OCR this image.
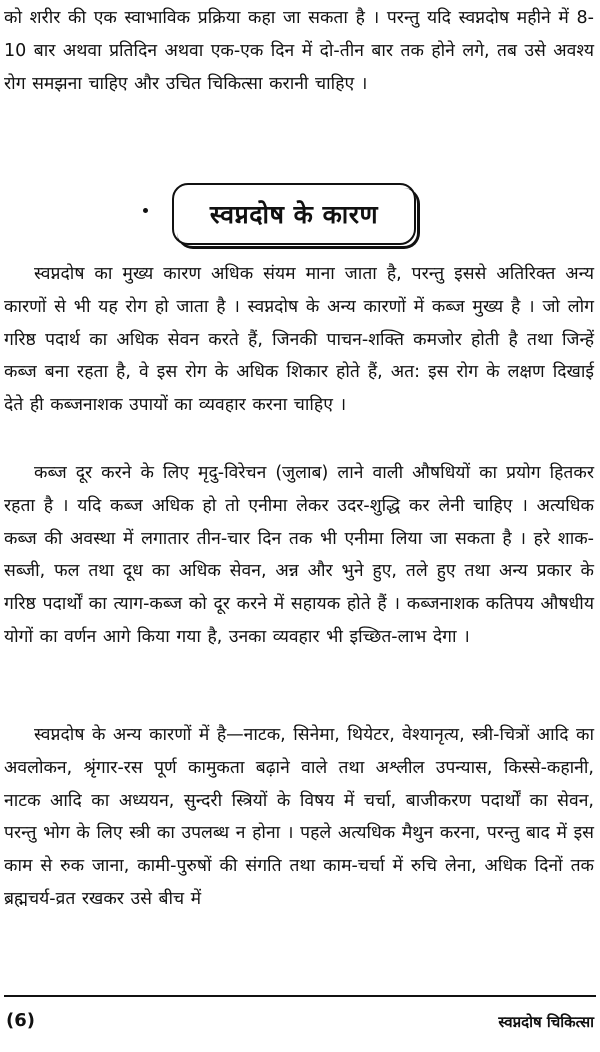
को शरीर की एक स्वाभाविक प्रक्रिया कहा जा सकता है । परन्तु यदि स्वप्नदोष महीने में 8-10 बार अथवा प्रतिदिन अथवा एक-एक दिन में दो-तीन बार तक होने लगे, तब उसे अवश्य रोग समझना चाहिए और उचित चिकित्सा करानी चाहिए ।

स्वप्नदोष के कारण

स्वप्नदोष का मुख्य कारण अधिक संयम माना जाता है, परन्तु इससे अतिरिक्त अन्य कारणों से भी यह रोग हो जाता है । स्वप्नदोष के अन्य कारणों में कब्ज मुख्य है । जो लोग गरिष्ठ पदार्थ का अधिक सेवन करते हैं, जिनकी पाचन-शक्ति कमजोर होती है तथा जिन्हें कब्ज बना रहता है, वे इस रोग के अधिक शिकार होते हैं, अत: इस रोग के लक्षण दिखाई देते ही कब्जनाशक उपायों का व्यवहार करना चाहिए ।

कब्ज दूर करने के लिए मृदु-विरेचन (जुलाब) लाने वाली औषधियों का प्रयोग हितकर रहता है । यदि कब्ज अधिक हो तो एनीमा लेकर उदर-शुद्धि कर लेनी चाहिए । अत्यधिक कब्ज की अवस्था में लगातार तीन-चार दिन तक भी एनीमा लिया जा सकता है । हरे शाक-सब्जी, फल तथा दूध का अधिक सेवन, अन्न और भुने हुए, तले हुए तथा अन्य प्रकार के गरिष्ठ पदार्थों का त्याग-कब्ज को दूर करने में सहायक होते हैं । कब्जनाशक कतिपय औषधीय योगों का वर्णन आगे किया गया है, उनका व्यवहार भी इच्छित-लाभ देगा ।

स्वप्नदोष के अन्य कारणों में है—नाटक, सिनेमा, थियेटर, वेश्यानृत्य, स्त्री-चित्रों आदि का अवलोकन, श्रृंगार-रस पूर्ण कामुकता बढ़ाने वाले तथा अश्लील उपन्यास, किस्से-कहानी, नाटक आदि का अध्ययन, सुन्दरी स्त्रियों के विषय में चर्चा, बाजीकरण पदार्थों का सेवन, परन्तु भोग के लिए स्त्री का उपलब्ध न होना । पहले अत्यधिक मैथुन करना, परन्तु बाद में इस काम से रुक जाना, कामी-पुरुषों की संगति तथा काम-चर्चा में रुचि लेना, अधिक दिनों तक ब्रह्मचर्य-व्रत रखकर उसे बीच में

(6)	स्वप्नदोष चिकित्सा
